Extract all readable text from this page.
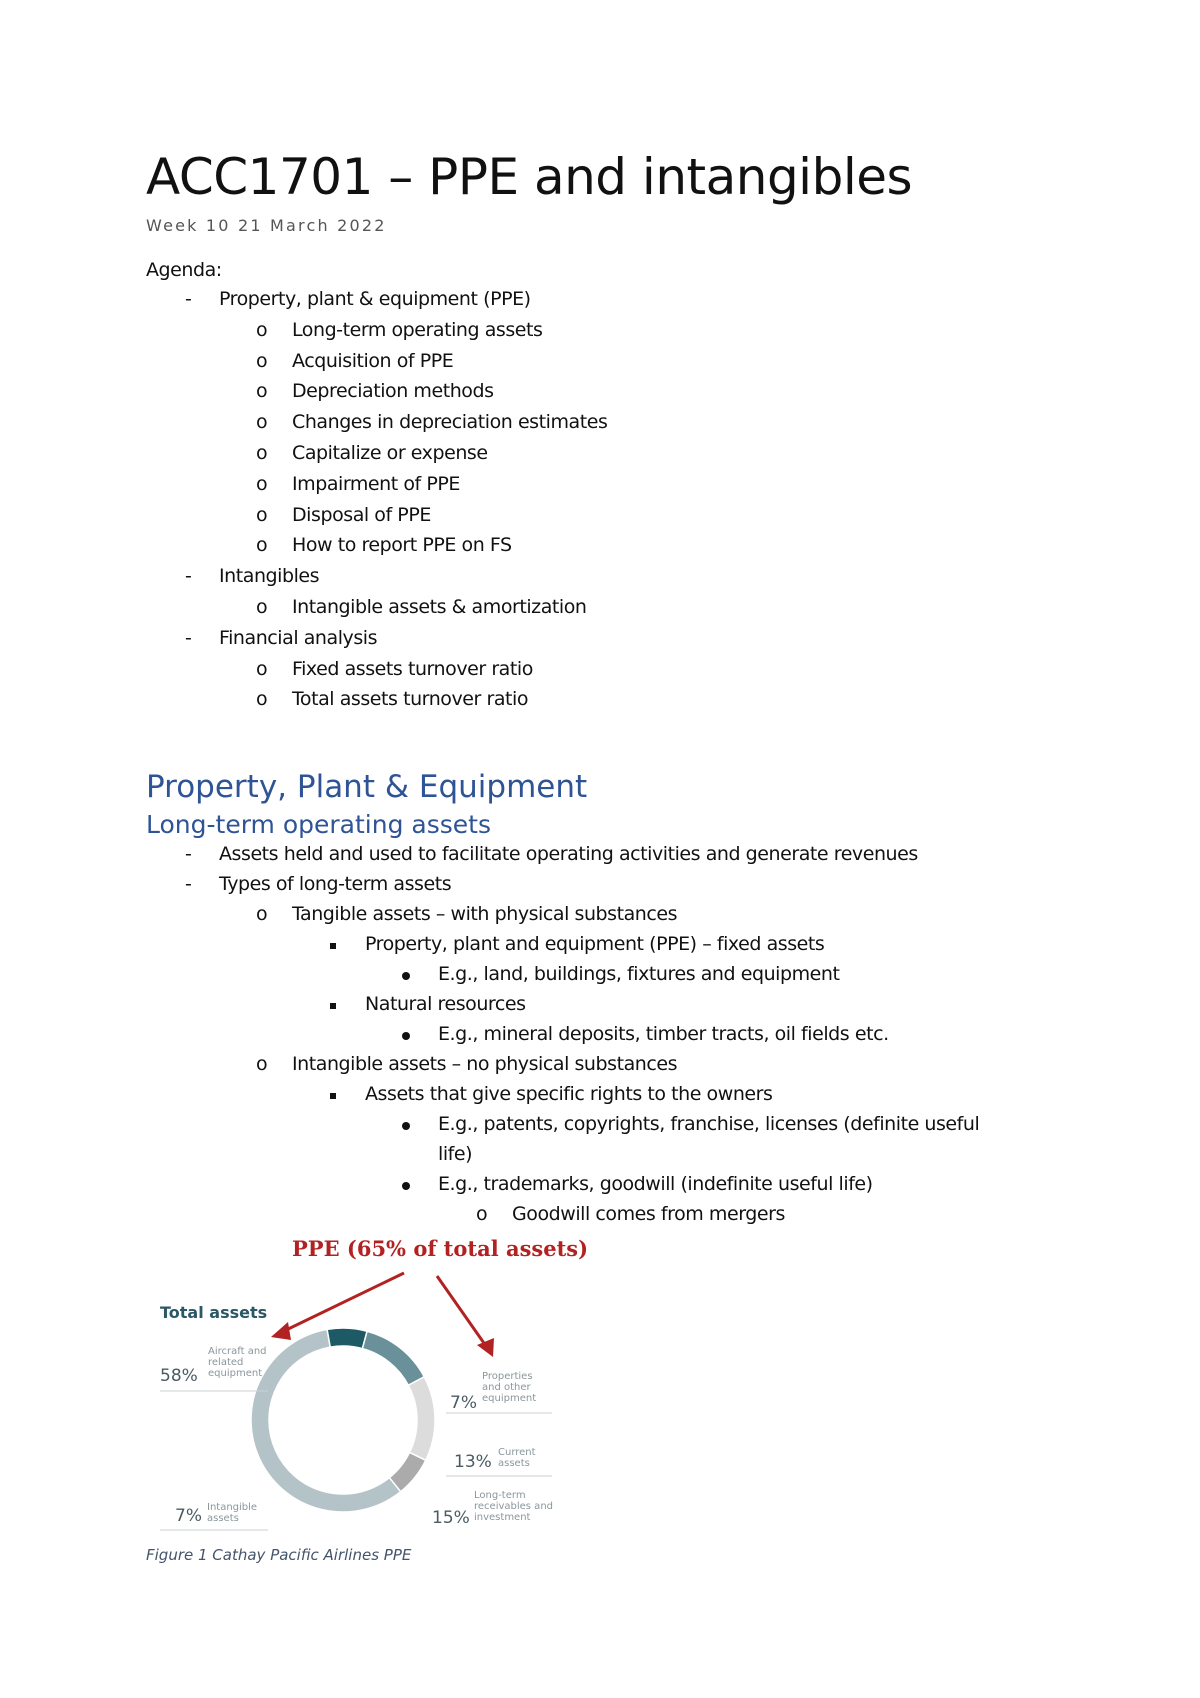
ACC1701 – PPE and intangibles
Week 10 21 March 2022
Agenda:
- Property, plant & equipment (PPE)
o Long-term operating assets
o Acquisition of PPE
o Depreciation methods
o Changes in depreciation estimates
o Capitalize or expense
o Impairment of PPE
o Disposal of PPE
o How to report PPE on FS
- Intangibles
o Intangible assets & amortization
- Financial analysis
o Fixed assets turnover ratio
o Total assets turnover ratio
Property, Plant & Equipment
Long-term operating assets
- Assets held and used to facilitate operating activities and generate revenues
- Types of long-term assets
o Tangible assets – with physical substances
Property, plant and equipment (PPE) – fixed assets
E.g., land, buildings, fixtures and equipment
Natural resources
E.g., mineral deposits, timber tracts, oil fields etc.
o Intangible assets – no physical substances
Assets that give specific rights to the owners
E.g., patents, copyrights, franchise, licenses (definite useful
life)
E.g., trademarks, goodwill (indefinite useful life)
o Goodwill comes from mergers
Total assets
PPE (65% of total assets)
58%
Aircraft and related equipment
7%
Properties and other equipment
13% Current assets
15%
Long-term receivables and investment
7% Intangible assets
Figure 1 Cathay Pacific Airlines PPE
